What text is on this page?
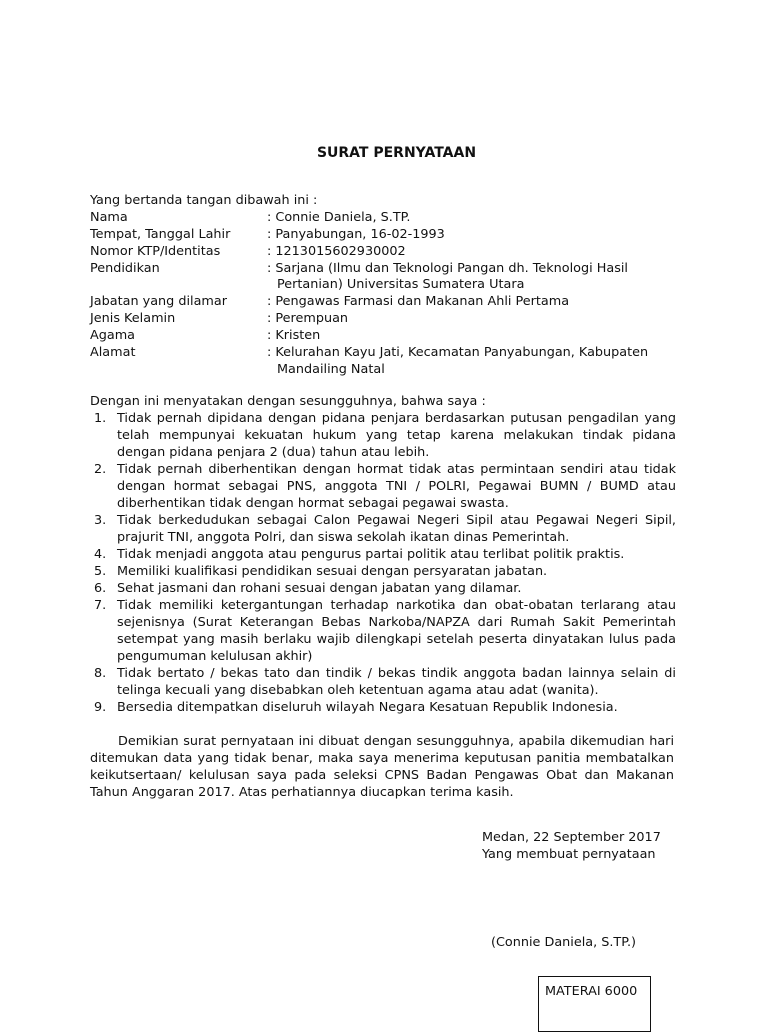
SURAT PERNYATAAN
Yang bertanda tangan dibawah ini :
Nama	: Connie Daniela, S.TP.
Tempat, Tanggal Lahir	: Panyabungan, 16-02-1993
Nomor KTP/Identitas	: 1213015602930002
Pendidikan	: Sarjana (Ilmu dan Teknologi Pangan dh. Teknologi Hasil
Pertanian) Universitas Sumatera Utara
Jabatan yang dilamar	: Pengawas Farmasi dan Makanan Ahli Pertama
Jenis Kelamin	: Perempuan
Agama	: Kristen
Alamat	: Kelurahan Kayu Jati, Kecamatan Panyabungan, Kabupaten
Mandailing Natal
Dengan ini menyatakan dengan sesungguhnya, bahwa saya :
1. Tidak pernah dipidana dengan pidana penjara berdasarkan putusan pengadilan yang telah mempunyai kekuatan hukum yang tetap karena melakukan tindak pidana dengan pidana penjara 2 (dua) tahun atau lebih.
2. Tidak pernah diberhentikan dengan hormat tidak atas permintaan sendiri atau tidak dengan hormat sebagai PNS, anggota TNI / POLRI, Pegawai BUMN / BUMD atau diberhentikan tidak dengan hormat sebagai pegawai swasta.
3. Tidak berkedudukan sebagai Calon Pegawai Negeri Sipil atau Pegawai Negeri Sipil, prajurit TNI, anggota Polri, dan siswa sekolah ikatan dinas Pemerintah.
4. Tidak menjadi anggota atau pengurus partai politik atau terlibat politik praktis.
5. Memiliki kualifikasi pendidikan sesuai dengan persyaratan jabatan.
6. Sehat jasmani dan rohani sesuai dengan jabatan yang dilamar.
7. Tidak memiliki ketergantungan terhadap narkotika dan obat-obatan terlarang atau sejenisnya (Surat Keterangan Bebas Narkoba/NAPZA dari Rumah Sakit Pemerintah setempat yang masih berlaku wajib dilengkapi setelah peserta dinyatakan lulus pada pengumuman kelulusan akhir)
8. Tidak bertato / bekas tato dan tindik / bekas tindik anggota badan lainnya selain di telinga kecuali yang disebabkan oleh ketentuan agama atau adat (wanita).
9. Bersedia ditempatkan diseluruh wilayah Negara Kesatuan Republik Indonesia.
Demikian surat pernyataan ini dibuat dengan sesungguhnya, apabila dikemudian hari ditemukan data yang tidak benar, maka saya menerima keputusan panitia membatalkan keikutsertaan/ kelulusan saya pada seleksi CPNS Badan Pengawas Obat dan Makanan Tahun Anggaran 2017. Atas perhatiannya diucapkan terima kasih.
Medan, 22 September 2017
Yang membuat pernyataan
(Connie Daniela, S.TP.)
MATERAI 6000
